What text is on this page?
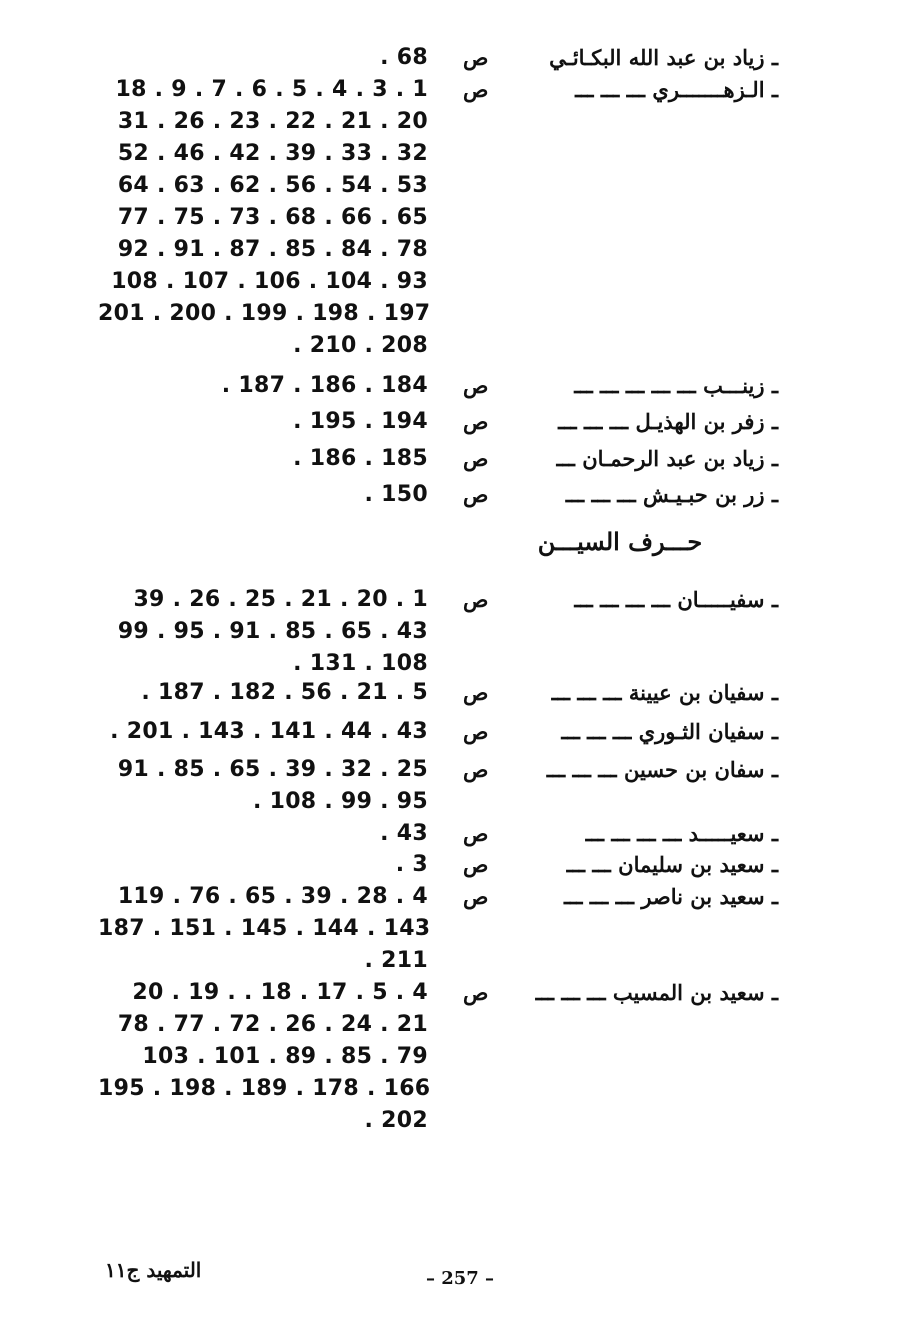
ـ زياد بن عبد الله البكـائـي
ص
. 68
ـ الـزهـــــــري ـــ ـــ ـــ
ص
18 . 9 . 7 . 6 . 5 . 4 . 3 . 1
31 . 26 . 23 . 22 . 21 . 20
52 . 46 . 42 . 39 . 33 . 32
64 . 63 . 62 . 56 . 54 . 53
77 . 75 . 73 . 68 . 66 . 65
92 . 91 . 87 . 85 . 84 . 78
108 . 107 . 106 . 104 . 93
201 . 200 . 199 . 198 . 197
. 210 . 208
ـ زينـــب ـــ ـــ ـــ ـــ ـــ
ص
. 187 . 186 . 184
ـ زفر بن الهذيـل ـــ ـــ ـــ
ص
. 195 . 194
ـ زياد بن عبد الرحمـان ـــ
ص
. 186 . 185
ـ زر بن حبـيـش ـــ ـــ ـــ
ص
. 150
ـ سفيـــــان ـــ ـــ ـــ ـــ
ص
39 . 26 . 25 . 21 . 20 . 1
99 . 95 . 91 . 85 . 65 . 43
. 131 . 108
ـ سفيان بن عيينة ـــ ـــ ـــ
ص
. 187 . 182 . 56 . 21 . 5
ـ سفيان الثـوري ـــ ـــ ـــ
ص
. 201 . 143 . 141 . 44 . 43
ـ سفان بن حسين ـــ ـــ ـــ
ص
91 . 85 . 65 . 39 . 32 . 25
. 108 . 99 . 95
ـ سعيـــــد ـــ ـــ ـــ ـــ
ص
. 43
ـ سعيد بن سليمان ـــ ـــ
ص
. 3
ـ سعيد بن ناصر ـــ ـــ ـــ
ص
119 . 76 . 65 . 39 . 28 . 4
187 . 151 . 145 . 144 . 143
. 211
ـ سعيد بن المسيب ـــ ـــ ـــ
ص
20 . 19 . . 18 . 17 . 5 . 4
78 . 77 . 72 . 26 . 24 . 21
103 . 101 . 89 . 85 . 79
195 . 198 . 189 . 178 . 166
. 202
حـــرف السيـــن
التمهيد ج١١	– 257 –
